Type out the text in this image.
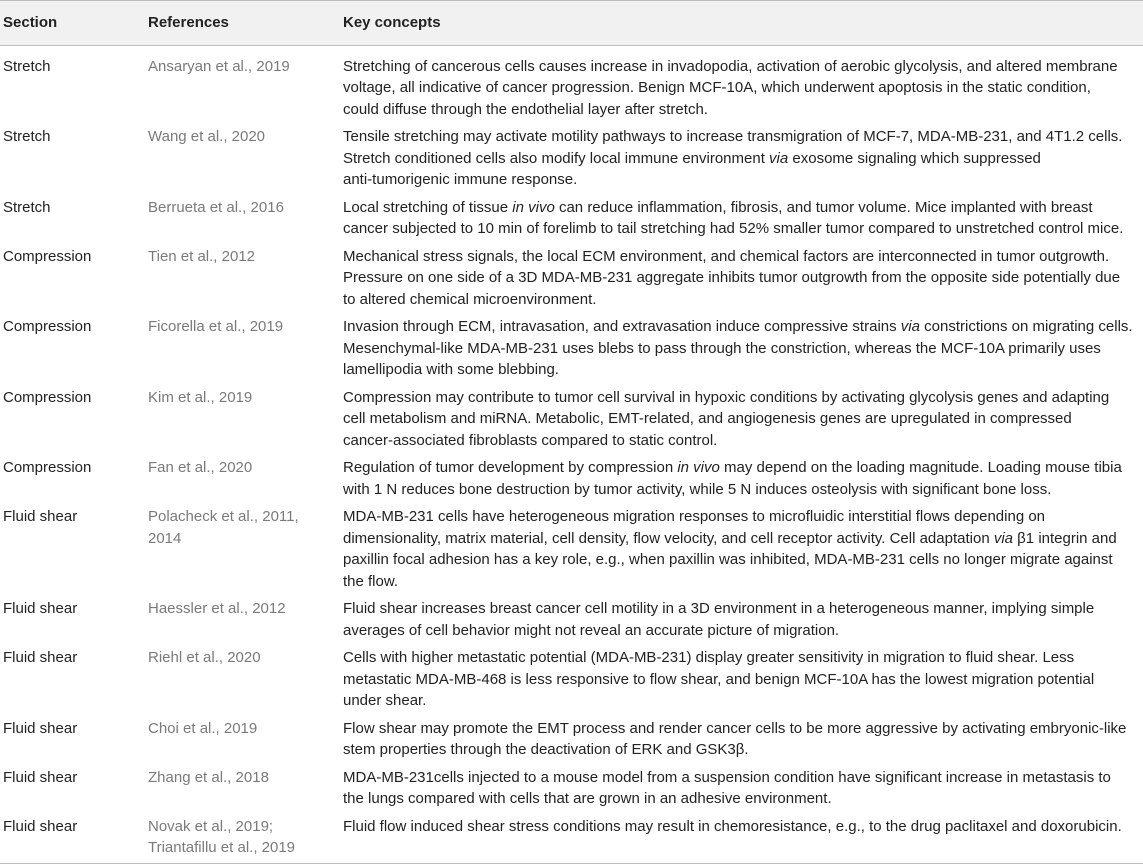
Section	References	Key concepts
Stretch	Ansaryan et al., 2019	Stretching of cancerous cells causes increase in invadopodia, activation of aerobic glycolysis, and altered membrane
voltage, all indicative of cancer progression. Benign MCF-10A, which underwent apoptosis in the static condition,
could diffuse through the endothelial layer after stretch.

Stretch	Wang et al., 2020	Tensile stretching may activate motility pathways to increase transmigration of MCF-7, MDA-MB-231, and 4T1.2 cells.
Stretch conditioned cells also modify local immune environment via exosome signaling which suppressed
anti-tumorigenic immune response.

Stretch	Berrueta et al., 2016	Local stretching of tissue in vivo can reduce inflammation, fibrosis, and tumor volume. Mice implanted with breast
cancer subjected to 10 min of forelimb to tail stretching had 52% smaller tumor compared to unstretched control mice.

Compression	Tien et al., 2012	Mechanical stress signals, the local ECM environment, and chemical factors are interconnected in tumor outgrowth.
Pressure on one side of a 3D MDA-MB-231 aggregate inhibits tumor outgrowth from the opposite side potentially due
to altered chemical microenvironment.

Compression	Ficorella et al., 2019	Invasion through ECM, intravasation, and extravasation induce compressive strains via constrictions on migrating cells.
Mesenchymal-like MDA-MB-231 uses blebs to pass through the constriction, whereas the MCF-10A primarily uses
lamellipodia with some blebbing.

Compression	Kim et al., 2019	Compression may contribute to tumor cell survival in hypoxic conditions by activating glycolysis genes and adapting
cell metabolism and miRNA. Metabolic, EMT-related, and angiogenesis genes are upregulated in compressed
cancer-associated fibroblasts compared to static control.

Compression	Fan et al., 2020	Regulation of tumor development by compression in vivo may depend on the loading magnitude. Loading mouse tibia
with 1 N reduces bone destruction by tumor activity, while 5 N induces osteolysis with significant bone loss.

Fluid shear	Polacheck et al., 2011,
2014	MDA-MB-231 cells have heterogeneous migration responses to microfluidic interstitial flows depending on
dimensionality, matrix material, cell density, flow velocity, and cell receptor activity. Cell adaptation via β1 integrin and
paxillin focal adhesion has a key role, e.g., when paxillin was inhibited, MDA-MB-231 cells no longer migrate against
the flow.

Fluid shear	Haessler et al., 2012	Fluid shear increases breast cancer cell motility in a 3D environment in a heterogeneous manner, implying simple
averages of cell behavior might not reveal an accurate picture of migration.

Fluid shear	Riehl et al., 2020	Cells with higher metastatic potential (MDA-MB-231) display greater sensitivity in migration to fluid shear. Less
metastatic MDA-MB-468 is less responsive to flow shear, and benign MCF-10A has the lowest migration potential
under shear.

Fluid shear	Choi et al., 2019	Flow shear may promote the EMT process and render cancer cells to be more aggressive by activating embryonic-like
stem properties through the deactivation of ERK and GSK3β.

Fluid shear	Zhang et al., 2018	MDA-MB-231cells injected to a mouse model from a suspension condition have significant increase in metastasis to
the lungs compared with cells that are grown in an adhesive environment.

Fluid shear	Novak et al., 2019;
Triantafillu et al., 2019	Fluid flow induced shear stress conditions may result in chemoresistance, e.g., to the drug paclitaxel and doxorubicin.
